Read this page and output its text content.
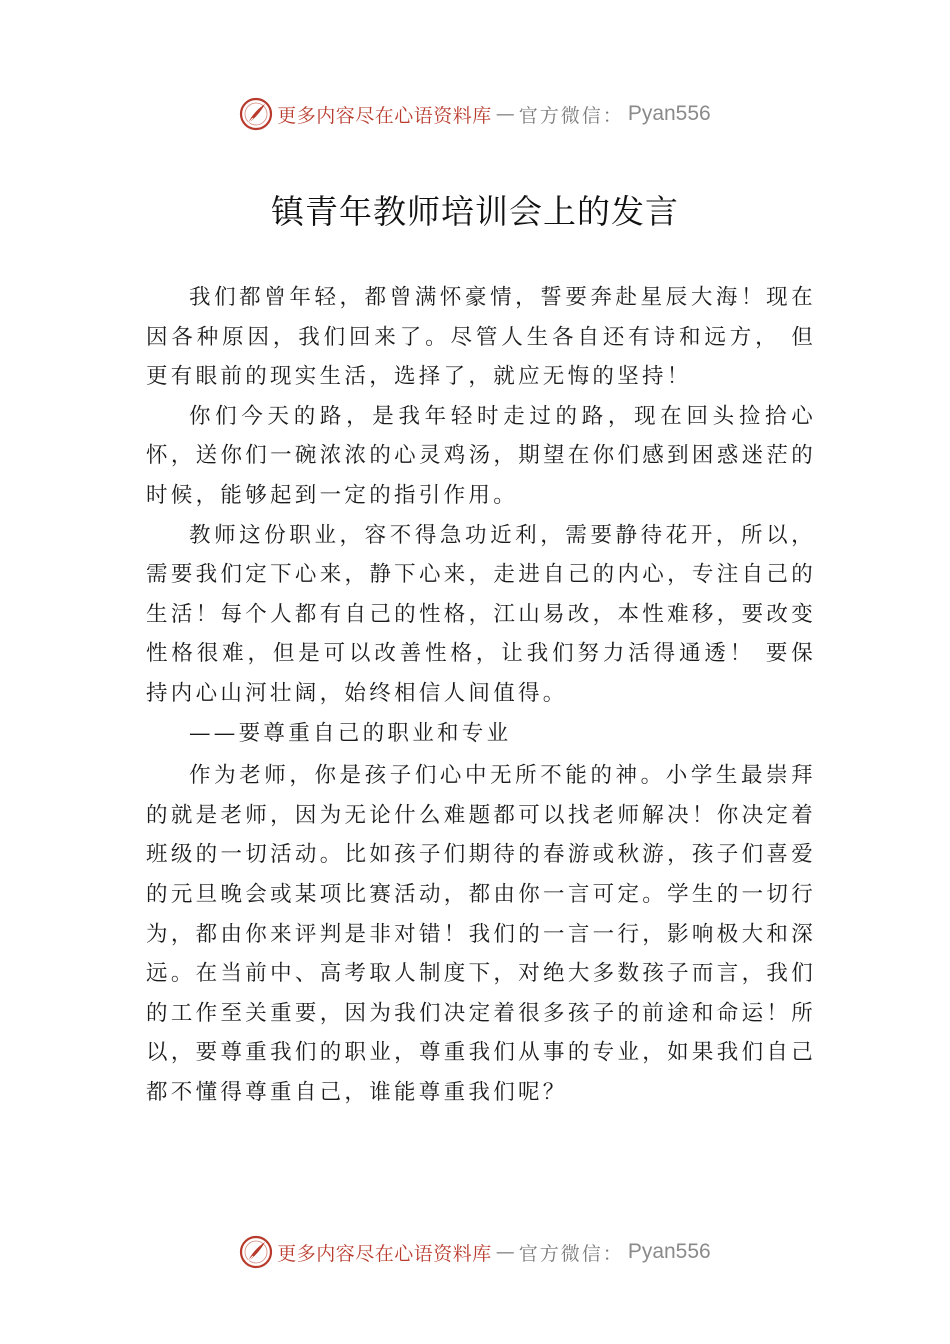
更多内容尽在心语资料库 — 官方微信： Pyan556
镇青年教师培训会上的发言

我们都曾年轻，都曾满怀豪情，誓要奔赴星辰大海！现在因各种原因，我们回来了。尽管人生各自还有诗和远方， 但更有眼前的现实生活，选择了，就应无悔的坚持！

你们今天的路，是我年轻时走过的路，现在回头捡拾心怀，送你们一碗浓浓的心灵鸡汤，期望在你们感到困惑迷茫的时候，能够起到一定的指引作用。

教师这份职业，容不得急功近利，需要静待花开，所以，需要我们定下心来，静下心来，走进自己的内心，专注自己的生活！每个人都有自己的性格，江山易改，本性难移，要改变性格很难，但是可以改善性格，让我们努力活得通透！ 要保持内心山河壮阔，始终相信人间值得。

——要尊重自己的职业和专业

作为老师，你是孩子们心中无所不能的神。小学生最崇拜的就是老师，因为无论什么难题都可以找老师解决！你决定着班级的一切活动。比如孩子们期待的春游或秋游，孩子们喜爱的元旦晚会或某项比赛活动，都由你一言可定。学生的一切行为，都由你来评判是非对错！我们的一言一行，影响极大和深远。在当前中、高考取人制度下，对绝大多数孩子而言，我们的工作至关重要，因为我们决定着很多孩子的前途和命运！所以，要尊重我们的职业，尊重我们从事的专业，如果我们自己都不懂得尊重自己，谁能尊重我们呢？

更多内容尽在心语资料库 — 官方微信： Pyan556
